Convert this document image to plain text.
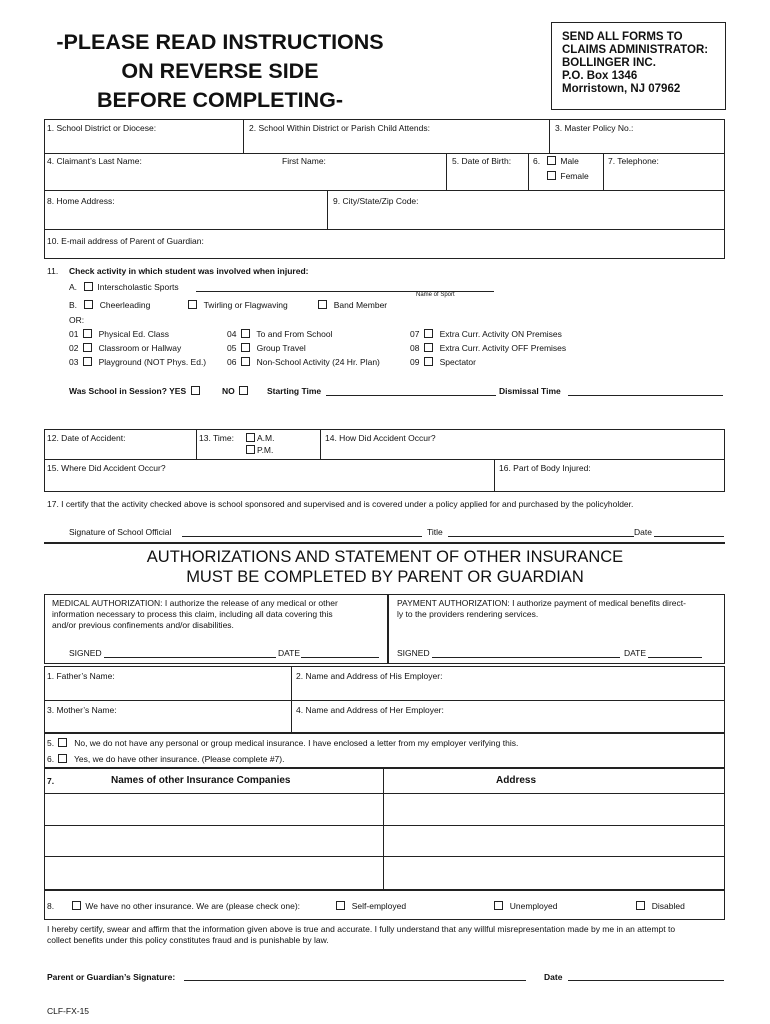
-PLEASE READ INSTRUCTIONS
ON REVERSE SIDE
BEFORE COMPLETING-
SEND ALL FORMS TO
CLAIMS ADMINISTRATOR:
BOLLINGER INC.
P.O. Box 1346
Morristown, NJ 07962
1. School District or Diocese:	2. School Within District or Parish Child Attends:	3. Master Policy No.:
4. Claimant’s Last Name:	First Name:	5. Date of Birth:	6.	Male
Female
7. Telephone:
8. Home Address:	9. City/State/Zip Code:
10. E-mail address of Parent of Guardian:
11. Check activity in which student was involved when injured:
A.	Interscholastic Sports
Name of Sport
B.	Cheerleading	Twirling or Flagwaving	Band Member
OR:
01 Physical Ed. Class
02 Classroom or Hallway
03 Playground (NOT Phys. Ed.)
04 To and From School
05 Group Travel
06 Non-School Activity (24 Hr. Plan)
07 Extra Curr. Activity ON Premises
08 Extra Curr. Activity OFF Premises
09 Spectator
Was School in Session? YES	NO	Starting Time	Dismissal Time
12. Date of Accident:	13. Time:	A.M.
P.M.
14. How Did Accident Occur?
15. Where Did Accident Occur?	16. Part of Body Injured:
17. I certify that the activity checked above is school sponsored and supervised and is covered under a policy applied for and purchased by the policyholder.
Signature of School Official	Title	Date
AUTHORIZATIONS AND STATEMENT OF OTHER INSURANCE
MUST BE COMPLETED BY PARENT OR GUARDIAN
MEDICAL AUTHORIZATION: I authorize the release of any medical or other
information necessary to process this claim, including all data covering this
and/or previous confinements and/or disabilities.
PAYMENT AUTHORIZATION: I authorize payment of medical benefits direct-
ly to the providers rendering services.
SIGNED	DATE	SIGNED	DATE
1. Father’s Name:	2. Name and Address of His Employer:
3. Mother’s Name:	4. Name and Address of Her Employer:
5. No, we do not have any personal or group medical insurance. I have enclosed a letter from my employer verifying this.
6. Yes, we do have other insurance. (Please complete #7).
7.	Names of other Insurance Companies	Address
8.	We have no other insurance. We are (please check one):	Self-employed	Unemployed	Disabled
I hereby certify, swear and affirm that the information given above is true and accurate. I fully understand that any willful misrepresentation made by me in an attempt to
collect benefits under this policy constitutes fraud and is punishable by law.
Parent or Guardian’s Signature:	Date
CLF-FX-15
